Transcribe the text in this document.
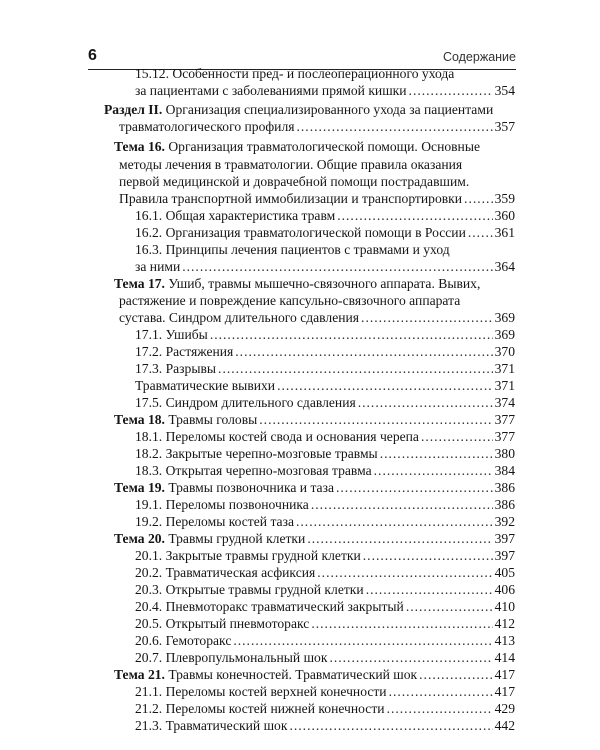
6	Содержание
15.12. Особенности пред- и послеоперационного ухода
за пациентами с заболеваниями прямой кишки .....	354
Раздел II. Организация специализированного ухода за пациентами
травматологического профиля .....	357
Тема 16. Организация травматологической помощи. Основные
методы лечения в травматологии. Общие правила оказания
первой медицинской и доврачебной помощи пострадавшим.
Правила транспортной иммобилизации и транспортировки ..... 359
16.1. Общая характеристика травм .....	360
16.2. Организация травматологической помощи в России ..... 361
16.3. Принципы лечения пациентов с травмами и уход
за ними .....	364
Тема 17. Ушиб, травмы мышечно-связочного аппарата. Вывих,
растяжение и повреждение капсульно-связочного аппарата
сустава. Синдром длительного сдавления .....	369
17.1. Ушибы .....	369
17.2. Растяжения .....	370
17.3. Разрывы .....	371
Травматические вывихи .....	371
17.5. Синдром длительного сдавления .....	374
Тема 18. Травмы головы .....	377
18.1. Переломы костей свода и основания черепа .....	377
18.2. Закрытые черепно-мозговые травмы .....	380
18.3. Открытая черепно-мозговая травма .....	384
Тема 19. Травмы позвоночника и таза .....	386
19.1. Переломы позвоночника .....	386
19.2. Переломы костей таза .....	392
Тема 20. Травмы грудной клетки .....	397
20.1. Закрытые травмы грудной клетки .....	397
20.2. Травматическая асфиксия .....	405
20.3. Открытые травмы грудной клетки .....	406
20.4. Пневмоторакс травматический закрытый .....	410
20.5. Открытый пневмоторакс .....	412
20.6. Гемоторакс .....	413
20.7. Плевропульмональный шок .....	414
Тема 21. Травмы конечностей. Травматический шок .....	417
21.1. Переломы костей верхней конечности .....	417
21.2. Переломы костей нижней конечности .....	429
21.3. Травматический шок .....	442
